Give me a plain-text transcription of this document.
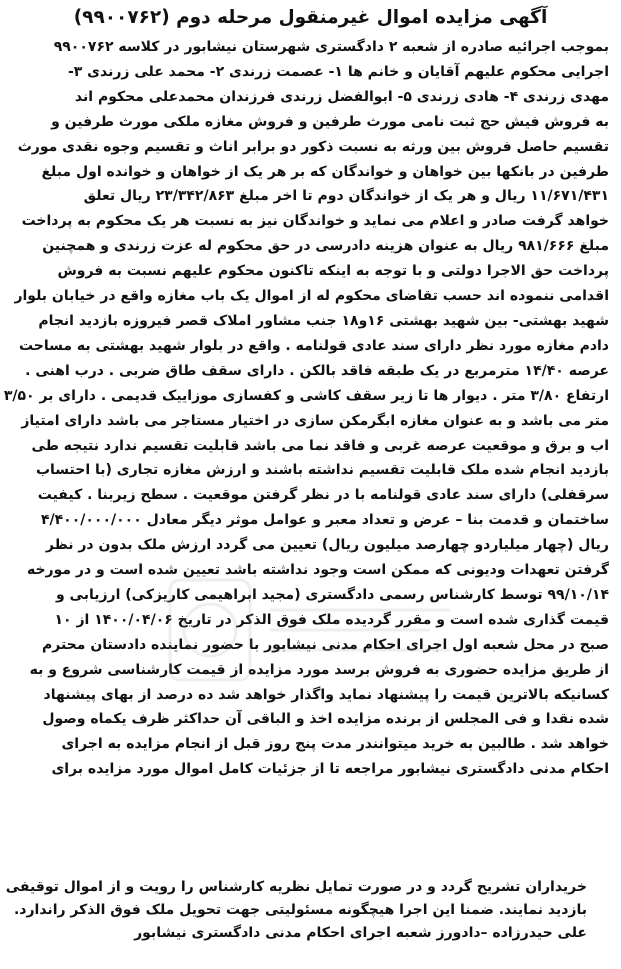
آگهی مزایده اموال غیرمنقول مرحله دوم (۹۹۰۰۷۶۲)
بموجب اجرائیه صادره از شعبه ۲ دادگستری شهرستان نیشابور در کلاسه ۹۹۰۰۷۶۲
اجرایی محکوم علیهم آقایان و خانم ها ۱- عصمت زرندی ۲- محمد علی زرندی ۳-
مهدی زرندی ۴- هادی زرندی ۵- ابوالفضل زرندی فرزندان محمدعلی محکوم اند
به فروش فیش حج ثبت نامی مورث طرفین و فروش مغازه ملکی مورث طرفین و
تقسیم حاصل فروش بین ورثه به نسبت ذکور دو برابر اناث و تقسیم وجوه نقدی مورث
طرفین در بانکها بین خواهان و خواندگان که بر هر یک از خواهان و خوانده اول مبلغ
۱۱/۶۷۱/۴۳۱ ریال و هر یک از خواندگان دوم تا اخر مبلغ ۲۳/۳۴۲/۸۶۳ ریال تعلق
خواهد گرفت صادر و اعلام می نماید و خواندگان نیز به نسبت هر یک محکوم به پرداخت
مبلغ ۹۸۱/۶۶۶ ریال به عنوان هزینه دادرسی در حق محکوم له عزت زرندی و همچنین
پرداخت حق الاجرا دولتی و با توجه به اینکه تاکنون محکوم علیهم نسبت به فروش
اقدامی ننموده اند حسب تقاضای محکوم له از اموال یک باب مغازه واقع در خیابان بلوار
شهید بهشتی- بین شهید بهشتی ۱۶و۱۸ جنب مشاور املاک قصر فیروزه بازدید انجام
دادم مغازه مورد نظر دارای سند عادی قولنامه . واقع در بلوار شهید بهشتی به مساحت
عرصه ۱۴/۴۰ مترمربع در یک طبقه فاقد بالکن . دارای سقف طاق ضربی . درب اهنی .
ارتفاع ۳/۸۰ متر . دیوار ها تا زیر سقف کاشی و کفسازی موزاییک قدیمی . دارای بر ۳/۵۰
متر می باشد و به عنوان مغازه ابگرمکن سازی در اختیار مستاجر می باشد دارای امتیاز
اب و برق و موقعیت عرصه غربی و فاقد نما می باشد قابلیت تقسیم ندارد نتیجه طی
بازدید انجام شده ملک قابلیت تقسیم نداشته باشند و ارزش مغازه تجاری (با احتساب
سرقفلی) دارای سند عادی قولنامه با در نظر گرفتن موقعیت . سطح زیربنا . کیفیت
ساختمان و قدمت بنا – عرض و تعداد معبر و عوامل موثر دیگر معادل ۴/۴۰۰/۰۰۰/۰۰۰
ریال (چهار میلیاردو چهارصد میلیون ریال) تعیین می گردد ارزش ملک بدون در نظر
گرفتن تعهدات ودیونی که ممکن است وجود نداشته باشد تعیین شده است و در مورخه
۹۹/۱۰/۱۴ توسط کارشناس رسمی دادگستری (مجید ابراهیمی کاریزکی) ارزیابی و
قیمت گذاری شده است و مقرر گردیده ملک فوق الذکر در تاریخ ۱۴۰۰/۰۴/۰۶ از ۱۰
صبح در محل شعبه اول اجرای احکام مدنی نیشابور با حضور نماینده دادستان محترم
از طریق مزایده حضوری به فروش برسد مورد مزایده از قیمت کارشناسی شروع و به
کسانیکه بالاترین قیمت را پیشنهاد نماید واگذار خواهد شد ده درصد از بهای پیشنهاد
شده نقدا و فی المجلس از برنده مزایده اخذ و الباقی آن حداکثر ظرف یکماه وصول
خواهد شد . طالبین به خرید میتوانندر مدت پنج روز قبل از انجام مزایده به اجرای
احکام مدنی دادگستری نیشابور مراجعه تا از جزئیات کامل اموال مورد مزایده برای
خریداران تشریح گردد و در صورت تمایل نظریه کارشناس را رویت و از اموال توقیفی
بازدید نمایند. ضمنا این اجرا هیچگونه مسئولیتی جهت تحویل ملک فوق الذکر راندارد.
علی حیدرزاده –دادورز شعبه اجرای احکام مدنی دادگستری نیشابور
